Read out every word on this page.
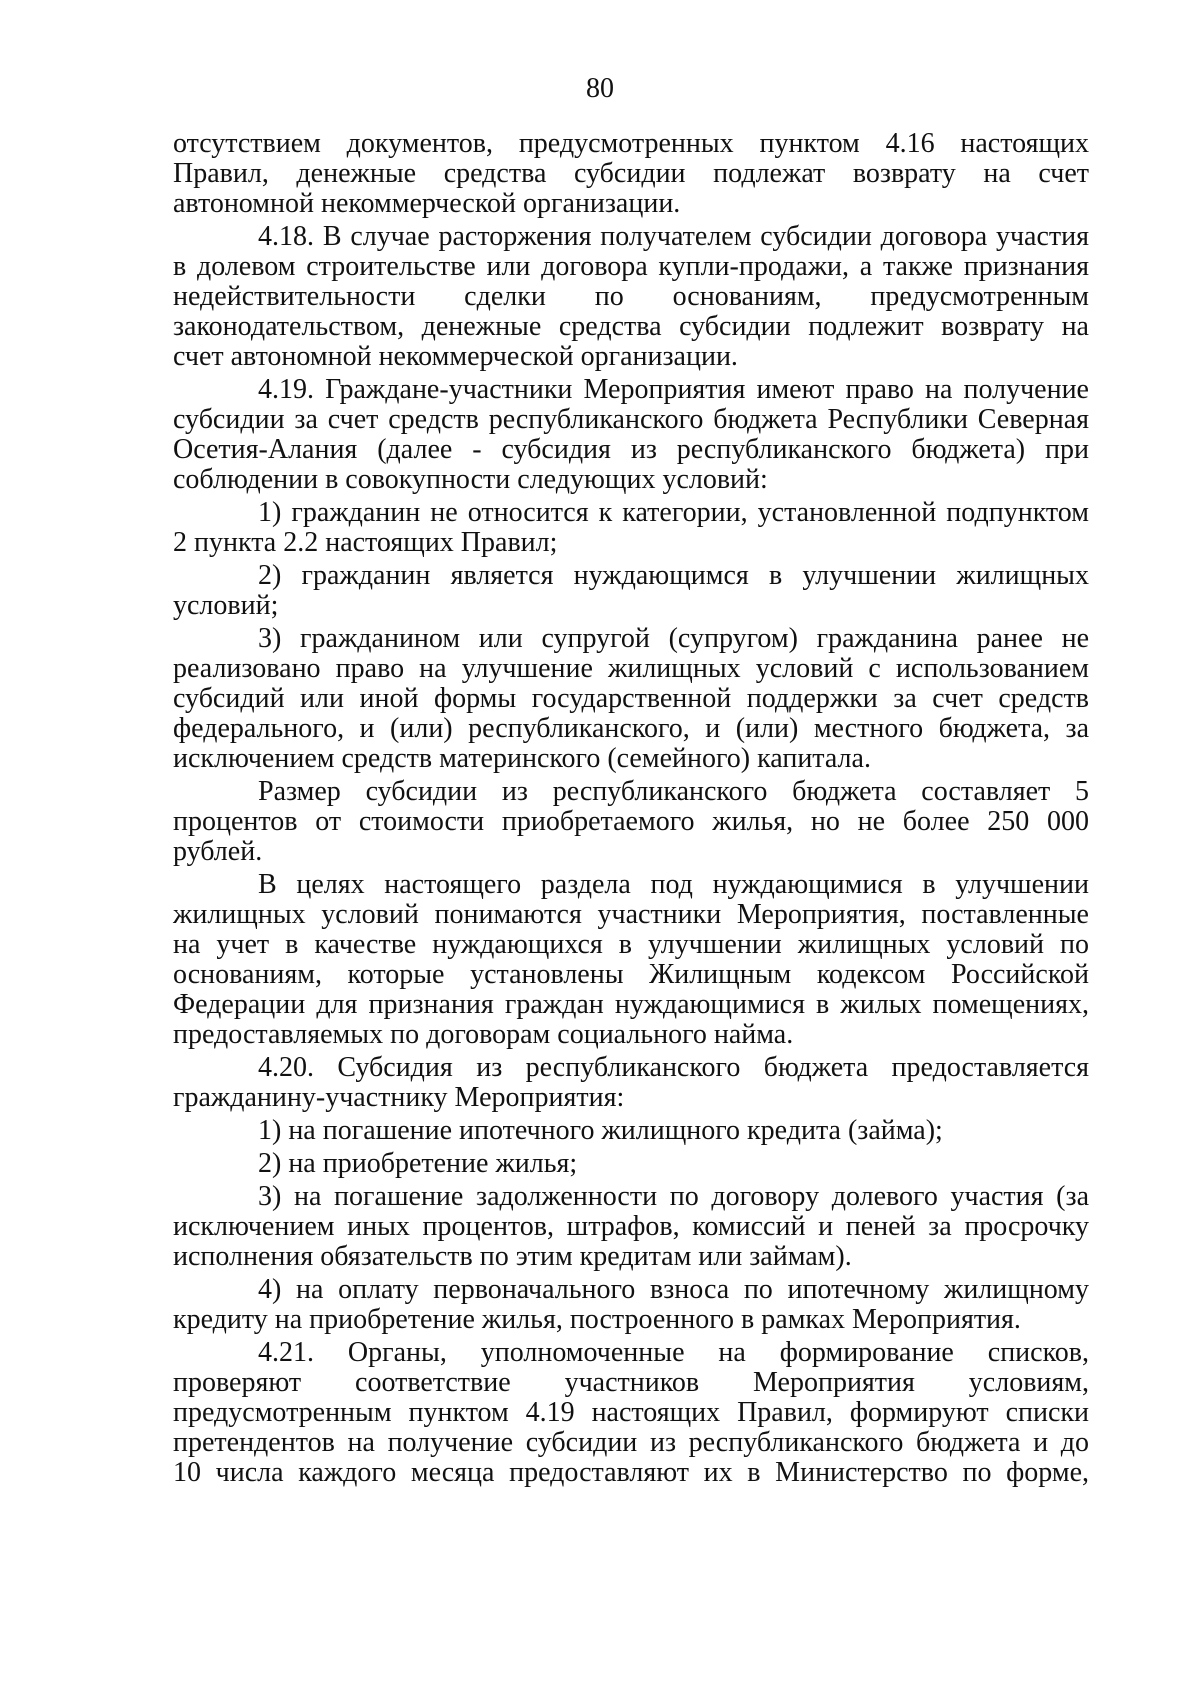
80

отсутствием документов, предусмотренных пунктом 4.16 настоящих

Правил, денежные средства субсидии подлежат возврату на счет

автономной некоммерческой организации.

4.18. В случае расторжения получателем субсидии договора участия

в долевом строительстве или договора купли-продажи, а также признания

недействительности сделки по основаниям, предусмотренным

законодательством, денежные средства субсидии подлежит возврату на

счет автономной некоммерческой организации.

4.19. Граждане-участники Мероприятия имеют право на получение

субсидии за счет средств республиканского бюджета Республики Северная

Осетия-Алания (далее - субсидия из республиканского бюджета) при

соблюдении в совокупности следующих условий:

1) гражданин не относится к категории, установленной подпунктом

2 пункта 2.2 настоящих Правил;

2) гражданин является нуждающимся в улучшении жилищных

условий;

3) гражданином или супругой (супругом) гражданина ранее не

реализовано право на улучшение жилищных условий с использованием

субсидий или иной формы государственной поддержки за счет средств

федерального, и (или) республиканского, и (или) местного бюджета, за

исключением средств материнского (семейного) капитала.

Размер субсидии из республиканского бюджета составляет 5

процентов от стоимости приобретаемого жилья, но не более 250 000

рублей.

В целях настоящего раздела под нуждающимися в улучшении

жилищных условий понимаются участники Мероприятия, поставленные

на учет в качестве нуждающихся в улучшении жилищных условий по

основаниям, которые установлены Жилищным кодексом Российской

Федерации для признания граждан нуждающимися в жилых помещениях,

предоставляемых по договорам социального найма.

4.20. Субсидия из республиканского бюджета предоставляется

гражданину-участнику Мероприятия:

1) на погашение ипотечного жилищного кредита (займа);

2) на приобретение жилья;

3) на погашение задолженности по договору долевого участия (за

исключением иных процентов, штрафов, комиссий и пеней за просрочку

исполнения обязательств по этим кредитам или займам).

4) на оплату первоначального взноса по ипотечному жилищному

кредиту на приобретение жилья, построенного в рамках Мероприятия.

4.21. Органы, уполномоченные на формирование списков,

проверяют соответствие участников Мероприятия условиям,

предусмотренным пунктом 4.19 настоящих Правил, формируют списки

претендентов на получение субсидии из республиканского бюджета и до

10 числа каждого месяца предоставляют их в Министерство по форме,
